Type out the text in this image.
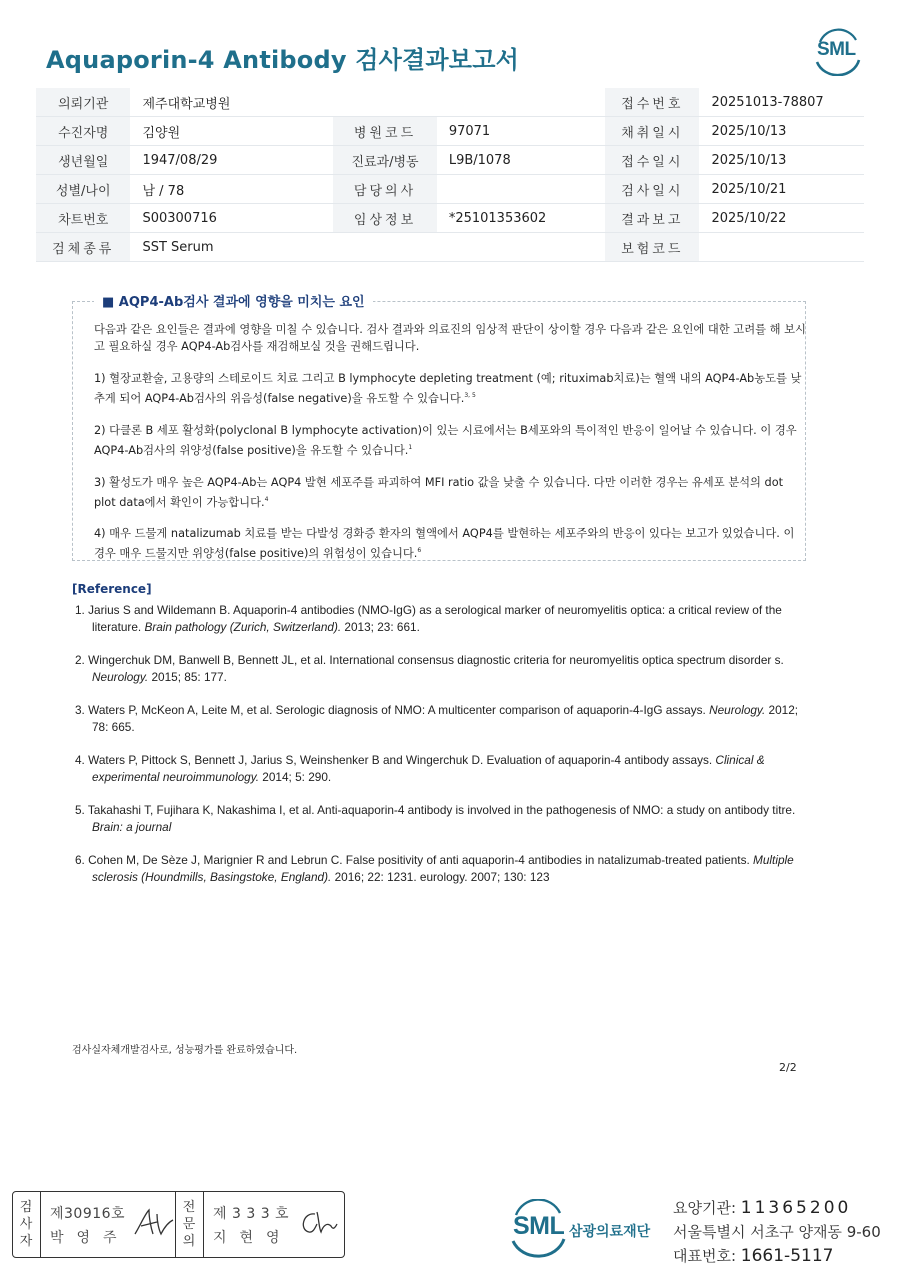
Aquaporin-4 Antibody 검사결과보고서	SML
의뢰기관	제주대학교병원			접수번호	20251013-78807
수진자명	김양원	병원코드	97071	채취일시	2025/10/13
생년월일	1947/08/29	진료과/병동	L9B/1078	접수일시	2025/10/13
성별/나이	남 / 78	담당의사		검사일시	2025/10/21
차트번호	S00300716	임상정보	*25101353602	결과보고	2025/10/22
검체종류	SST Serum			보험코드	
■ AQP4-Ab검사 결과에 영향을 미치는 요인

다음과 같은 요인들은 결과에 영향을 미칠 수 있습니다. 검사 결과와 의료진의 임상적 판단이 상이할 경우 다음과 같은 요인에 대한 고려를 해 보시고 필요하실 경우 AQP4-Ab검사를 재검해보실 것을 권해드립니다.

1) 혈장교환술, 고용량의 스테로이드 치료 그리고 B lymphocyte depleting treatment (예; rituximab치료)는 혈액 내의 AQP4-Ab농도를 낮추게 되어 AQP4-Ab검사의 위음성(false negative)을 유도할 수 있습니다.$^{3, 5}$

2) 다클론 B 세포 활성화(polyclonal B lymphocyte activation)이 있는 시료에서는 B세포와의 특이적인 반응이 일어날 수 있습니다. 이 경우 AQP4-Ab검사의 위양성(false positive)을 유도할 수 있습니다.$^1$

3) 활성도가 매우 높은 AQP4-Ab는 AQP4 발현 세포주를 파괴하여 MFI ratio 값을 낮출 수 있습니다. 다만 이러한 경우는 유세포 분석의 dot plot data에서 확인이 가능합니다.$^4$

4) 매우 드물게 natalizumab 치료를 받는 다발성 경화증 환자의 혈액에서 AQP4를 발현하는 세포주와의 반응이 있다는 보고가 있었습니다. 이 경우 매우 드물지만 위양성(false positive)의 위험성이 있습니다.$^6$

[Reference]
1. Jarius S and Wildemann B. Aquaporin-4 antibodies (NMO-IgG) as a serological marker of neuromyelitis optica: a critical review of the literature. Brain pathology (Zurich, Switzerland). 2013; 23: 661.
2. Wingerchuk DM, Banwell B, Bennett JL, et al. International consensus diagnostic criteria for neuromyelitis optica spectrum disorder s. Neurology. 2015; 85: 177.
3. Waters P, McKeon A, Leite M, et al. Serologic diagnosis of NMO: A multicenter comparison of aquaporin-4-IgG assays. Neurology. 2012; 78: 665.
4. Waters P, Pittock S, Bennett J, Jarius S, Weinshenker B and Wingerchuk D. Evaluation of aquaporin-4 antibody assays. Clinical & experimental neuroimmunology. 2014; 5: 290.
5. Takahashi T, Fujihara K, Nakashima I, et al. Anti-aquaporin-4 antibody is involved in the pathogenesis of NMO: a study on antibody titre. Brain: a journal
6. Cohen M, De Sèze J, Marignier R and Lebrun C. False positivity of anti aquaporin-4 antibodies in natalizumab-treated patients. Multiple sclerosis (Houndmills, Basingstoke, England). 2016; 22: 1231. eurology. 2007; 130: 123
검사실자체개발검사로, 성능평가를 완료하였습니다.
2/2
검
사
자
제30916호
박영주
전
문
의
제 3 3 3 호
지현영	SML 삼광의료재단
요양기관: 11365200
서울특별시 서초구 양재동 9-60
대표번호: 1661-5117
